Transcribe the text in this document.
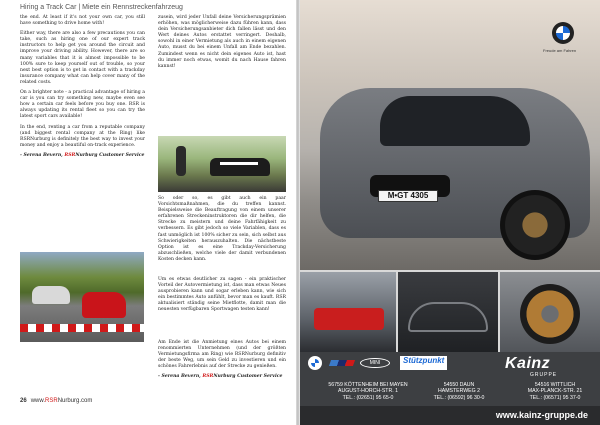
Hiring a Track Car | Miete ein Rennstreckenfahrzeug

the end. At least if it's not your own car, you still have something to drive home with!

Either way, there are also a few precautions you can take, such as hiring one of our expert track instructors to help get you around the circuit and improve your driving ability. However, there are so many variables that it is almost impossible to be 100% sure to keep yourself out of trouble, so your next best option is to get in contact with a trackday insurance company what can help cover many of the related costs.

On a brighter note - a practical advantage of hiring a car is you can try something new, maybe even see how a certain car feels before you buy one. RSR is always updating its rental fleet so you can try the latest sport cars available!

In the end, renting a car from a reputable company (and biggest rental company at the Ring) like RSRNurburg is definitely the best way to invest your money and enjoy a beautiful on-track experience.

- Serena Bevern, RSRNurburg Customer Service

zusein, wird jeder Unfall deine Versicherungsprämien erhöhen, was möglicherweise dazu führen kann, dass dein Versicherungsanbieter dich fallen lässt und den Wert deines Autos erstattet verringert. Deshalb, sowohl in einer Vermietung als auch in einem eigenen Auto, musst du bei einem Unfall am Ende bezahlen. Zumindest wenn es nicht dein eigenes Auto ist, hast du immer noch etwas, womit du nach Hause fahren kannst!

So oder so, es gibt auch ein paar Vorsichtsmaßnahmen, die du treffen kannst. Beispielsweise die Beauftragung von einem unserer erfahrenen Streckeninstruktoren die dir helfen, die Strecke zu meistern und deine Fahrfähigkeit zu verbessern. Es gibt jedoch so viele Variablen, dass es fast unmöglich ist 100% sicher zu sein, sich selbst aus Schwierigkeiten herauszuhalten. Die nächstbeste Option ist es eine Trackday-Versicherung abzuschließen, welche viele der damit verbundenen Kosten decken kann.

Um es etwas deutlicher zu sagen - ein praktischer Vorteil der Autovermietung ist, dass man etwas Neues ausprobieren kann und sogar erleben kann, wie sich ein bestimmtes Auto anfühlt, bevor man es kauft. RSR aktualisiert ständig seine Mietflotte, damit man die neuesten verfügbaren Sportwagen testen kann!

Am Ende ist die Anmietung eines Autos bei einem renommierten Unternehmen (und der größten Vermietungsfirma am Ring) wie RSRNurburg definitiv der beste Weg, um sein Geld zu investieren und ein schönes Fahrerlebnis auf der Strecke zu genießen.

- Serena Bevern, RSRNurburg Customer Service

26 www.RSRNurburg.com
M•GT 4305
Freude am Fahren
MINI	Stützpunkt	Kainz
GRUPPE
56759 KÖTTENHEIM BEI MAYEN
AUGUST-HORCH-STR. 1
TEL.: (02651) 95 65-0
54550 DAUN
HAMSTERWEG 2
TEL.: (06592) 96 30-0
54516 WITTLICH
MAX-PLANCK-STR. 21
TEL.: (06571) 95 37-0
www.kainz-gruppe.de
